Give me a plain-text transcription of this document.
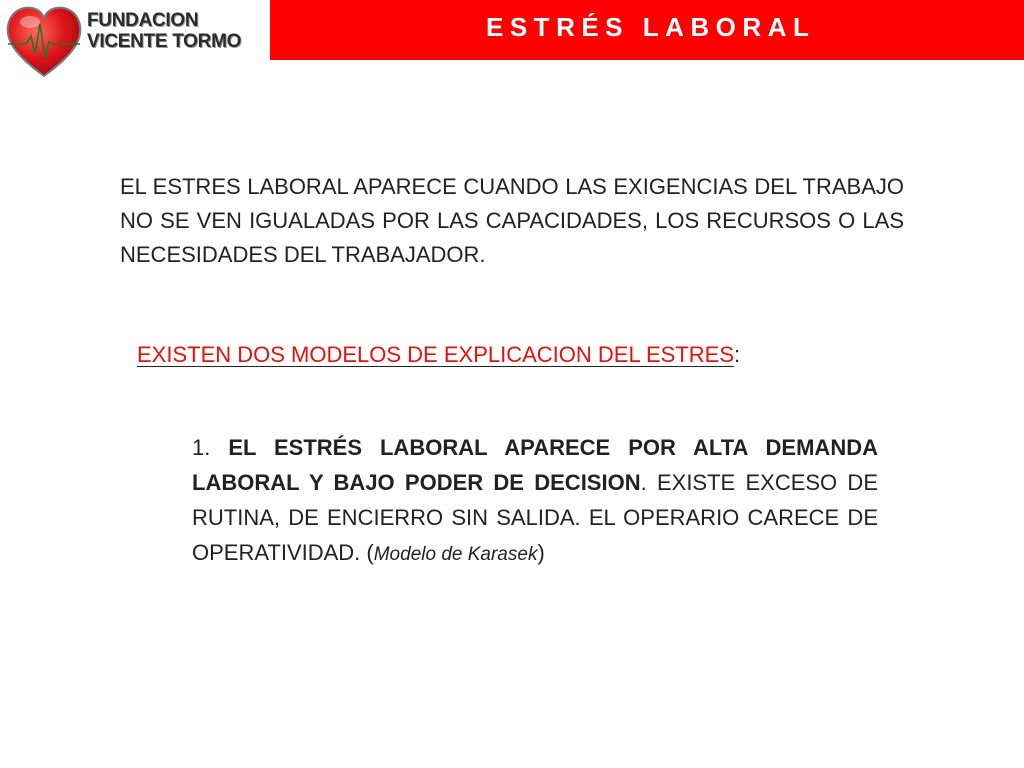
FUNDACION
VICENTE TORMO	ESTRÉS LABORAL
EL ESTRES LABORAL APARECE CUANDO LAS EXIGENCIAS DEL TRABAJO NO SE VEN IGUALADAS POR LAS CAPACIDADES, LOS RECURSOS O LAS NECESIDADES DEL TRABAJADOR.
EXISTEN DOS MODELOS DE EXPLICACION DEL ESTRES:
1. EL ESTRÉS LABORAL APARECE POR ALTA DEMANDA LABORAL Y BAJO PODER DE DECISION. EXISTE EXCESO DE RUTINA, DE ENCIERRO SIN SALIDA. EL OPERARIO CARECE DE OPERATIVIDAD. (Modelo de Karasek)
